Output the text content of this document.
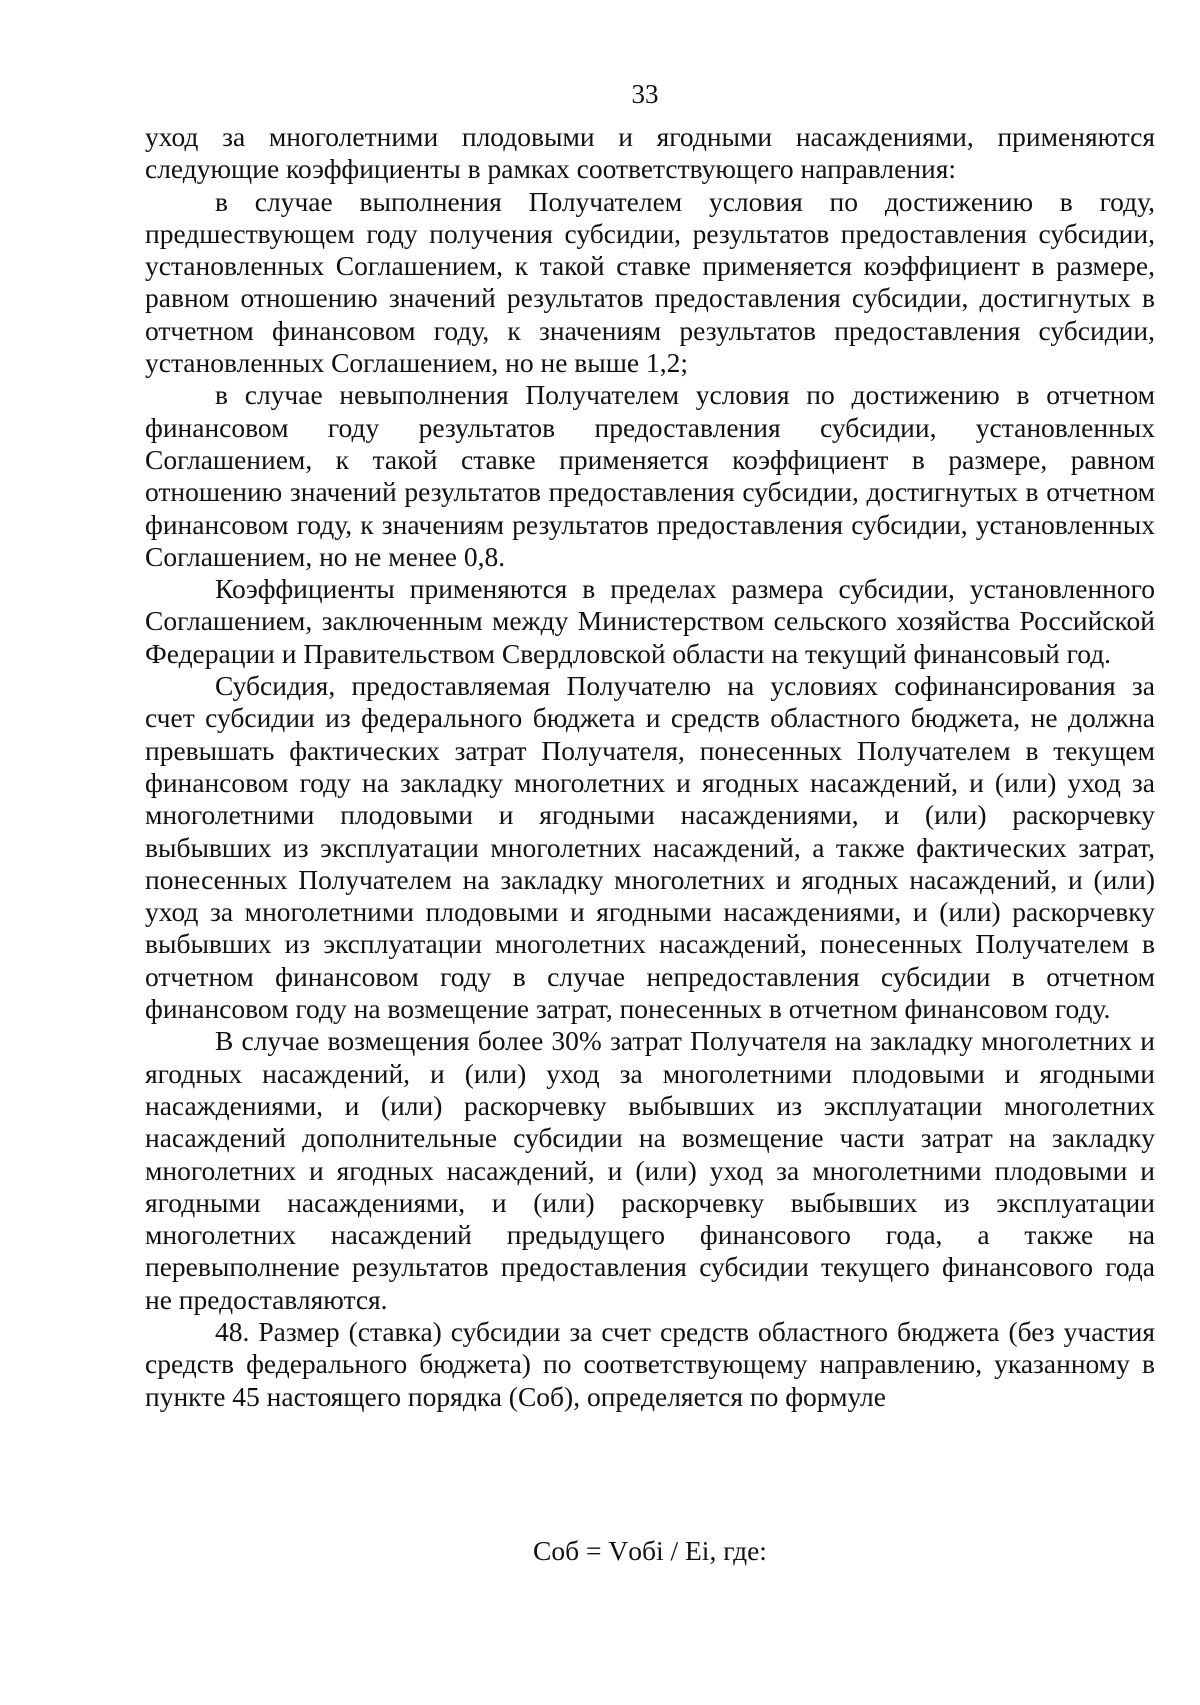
33

уход за многолетними плодовыми и ягодными насаждениями, применяются следующие коэффициенты в рамках соответствующего направления:

в случае выполнения Получателем условия по достижению в году, предшествующем году получения субсидии, результатов предоставления субсидии, установленных Соглашением, к такой ставке применяется коэффициент в размере, равном отношению значений результатов предоставления субсидии, достигнутых в отчетном финансовом году, к значениям результатов предоставления субсидии, установленных Соглашением, но не выше 1,2;

в случае невыполнения Получателем условия по достижению в отчетном финансовом году результатов предоставления субсидии, установленных Соглашением, к такой ставке применяется коэффициент в размере, равном отношению значений результатов предоставления субсидии, достигнутых в отчетном финансовом году, к значениям результатов предоставления субсидии, установленных Соглашением, но не менее 0,8.

Коэффициенты применяются в пределах размера субсидии, установленного Соглашением, заключенным между Министерством сельского хозяйства Российской Федерации и Правительством Свердловской области на текущий финансовый год.

Субсидия, предоставляемая Получателю на условиях софинансирования за счет субсидии из федерального бюджета и средств областного бюджета, не должна превышать фактических затрат Получателя, понесенных Получателем в текущем финансовом году на закладку многолетних и ягодных насаждений, и (или) уход за многолетними плодовыми и ягодными насаждениями, и (или) раскорчевку выбывших из эксплуатации многолетних насаждений, а также фактических затрат, понесенных Получателем на закладку многолетних и ягодных насаждений, и (или) уход за многолетними плодовыми и ягодными насаждениями, и (или) раскорчевку выбывших из эксплуатации многолетних насаждений, понесенных Получателем в отчетном финансовом году в случае непредоставления субсидии в отчетном финансовом году на возмещение затрат, понесенных в отчетном финансовом году.

В случае возмещения более 30% затрат Получателя на закладку многолетних и ягодных насаждений, и (или) уход за многолетними плодовыми и ягодными насаждениями, и (или) раскорчевку выбывших из эксплуатации многолетних насаждений дополнительные субсидии на возмещение части затрат на закладку многолетних и ягодных насаждений, и (или) уход за многолетними плодовыми и ягодными насаждениями, и (или) раскорчевку выбывших из эксплуатации многолетних насаждений предыдущего финансового года, а также на перевыполнение результатов предоставления субсидии текущего финансового года не предоставляются.

48. Размер (ставка) субсидии за счет средств областного бюджета (без участия средств федерального бюджета) по соответствующему направлению, указанному в пункте 45 настоящего порядка (Соб), определяется по формуле

Соб = Vобi / Ei, где:
